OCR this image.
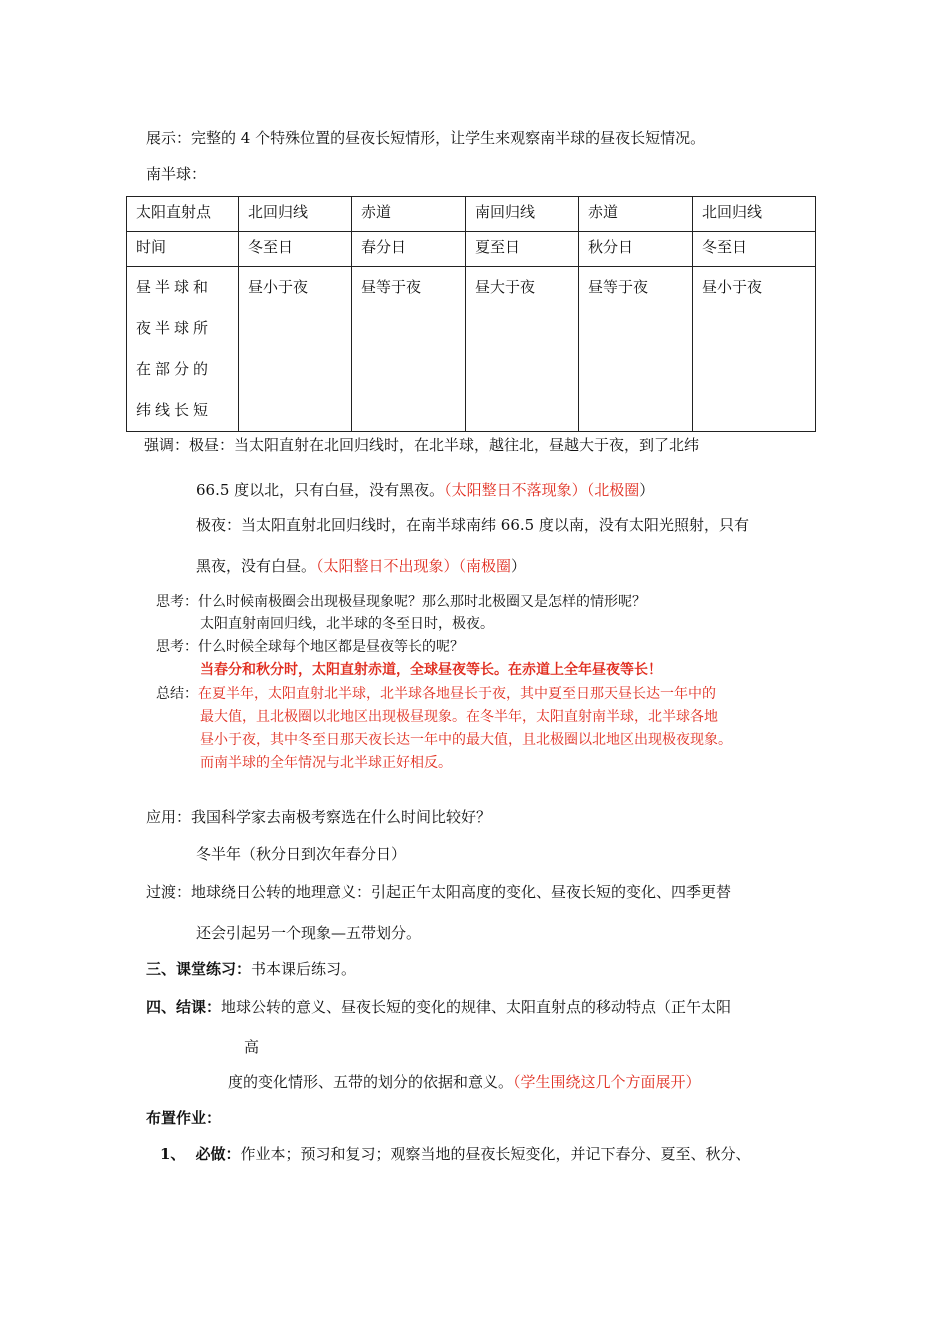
展示：完整的 4 个特殊位置的昼夜长短情形，让学生来观察南半球的昼夜长短情况。
南半球：
太阳直射点	北回归线	赤道	南回归线	赤道	北回归线
时间	冬至日	春分日	夏至日	秋分日	冬至日
昼半球和夜半球所在部分的纬线长短	昼小于夜	昼等于夜	昼大于夜	昼等于夜	昼小于夜
强调：极昼：当太阳直射在北回归线时，在北半球，越往北，昼越大于夜，到了北纬
66.5 度以北，只有白昼，没有黑夜。（太阳整日不落现象）（北极圈）
极夜：当太阳直射北回归线时，在南半球南纬 66.5 度以南，没有太阳光照射，只有
黑夜，没有白昼。（太阳整日不出现象）（南极圈）
思考：什么时候南极圈会出现极昼现象呢？那么那时北极圈又是怎样的情形呢？
太阳直射南回归线，北半球的冬至日时，极夜。
思考：什么时候全球每个地区都是昼夜等长的呢？
当春分和秋分时，太阳直射赤道，全球昼夜等长。在赤道上全年昼夜等长！
总结：在夏半年，太阳直射北半球，北半球各地昼长于夜，其中夏至日那天昼长达一年中的
最大值，且北极圈以北地区出现极昼现象。在冬半年，太阳直射南半球，北半球各地
昼小于夜，其中冬至日那天夜长达一年中的最大值，且北极圈以北地区出现极夜现象。
而南半球的全年情况与北半球正好相反。
应用：我国科学家去南极考察选在什么时间比较好？
冬半年（秋分日到次年春分日）
过渡：地球绕日公转的地理意义：引起正午太阳高度的变化、昼夜长短的变化、四季更替
还会引起另一个现象—五带划分。
三、课堂练习：书本课后练习。
四、结课：地球公转的意义、昼夜长短的变化的规律、太阳直射点的移动特点（正午太阳
高
度的变化情形、五带的划分的依据和意义。（学生围绕这几个方面展开）
布置作业：
1、 必做：作业本；预习和复习；观察当地的昼夜长短变化，并记下春分、夏至、秋分、
